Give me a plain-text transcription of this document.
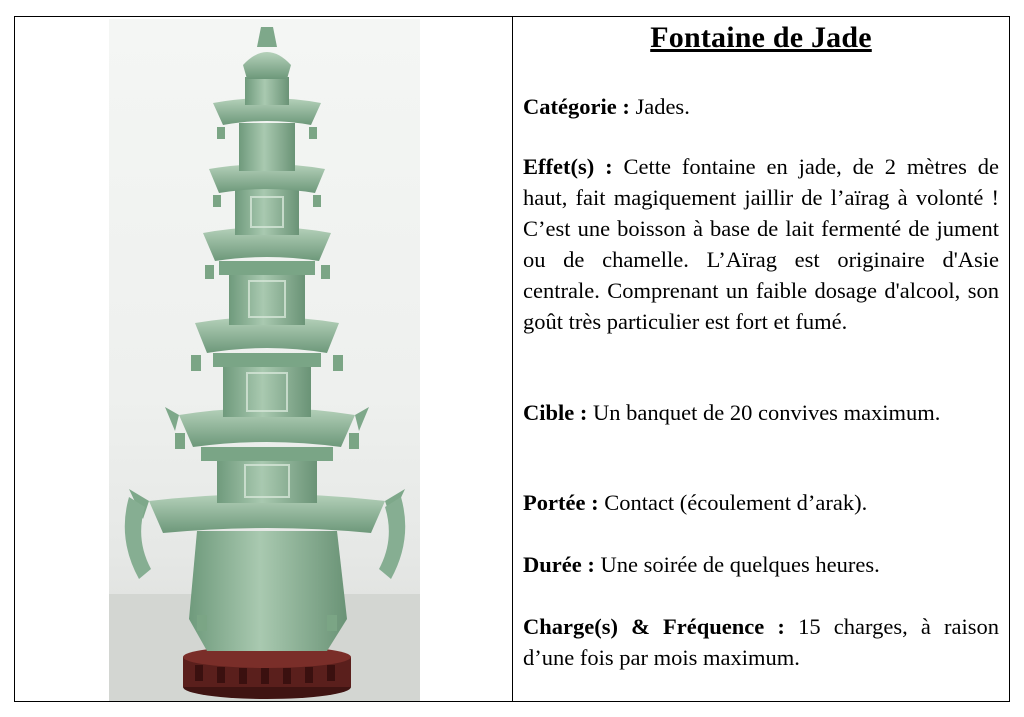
Fontaine de Jade
Catégorie : Jades.
Effet(s) : Cette fontaine en jade, de 2 mètres de haut, fait magiquement jaillir de l’aïrag à volonté ! C’est une boisson à base de lait fermenté de jument ou de chamelle. L’Aïrag est originaire d'Asie centrale. Comprenant un faible dosage d'alcool, son goût très particulier est fort et fumé.
Cible : Un banquet de 20 convives maximum.
Portée : Contact (écoulement d’arak).
Durée : Une soirée de quelques heures.
Charge(s) & Fréquence : 15 charges, à raison d’une fois par mois maximum.
